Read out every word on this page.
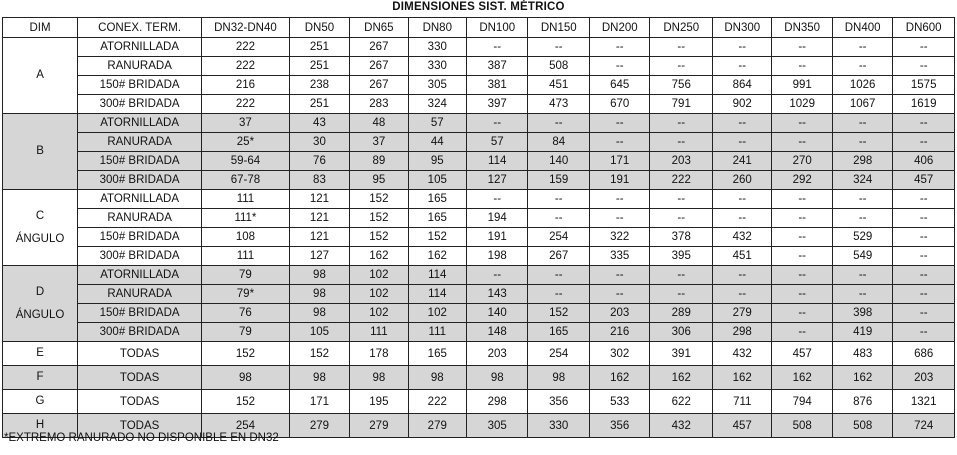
DIMENSIONES SIST. MÉTRICO
DIM	CONEX. TERM.	DN32-DN40	DN50	DN65	DN80	DN100	DN150	DN200	DN250	DN300	DN350	DN400	DN600

A	ATORNILLADA	222	251	267	330	--	--	--	--	--	--	--	--
	RANURADA	222	251	267	330	387	508	--	--	--	--	--	--
	150# BRIDADA	216	238	267	305	381	451	645	756	864	991	1026	1575
	300# BRIDADA	222	251	283	324	397	473	670	791	902	1029	1067	1619

B	ATORNILLADA	37	43	48	57	--	--	--	--	--	--	--	--
	RANURADA	25*	30	37	44	57	84	--	--	--	--	--	--
	150# BRIDADA	59-64	76	89	95	114	140	171	203	241	270	298	406
	300# BRIDADA	67-78	83	95	105	127	159	191	222	260	292	324	457

C
ÁNGULO	ATORNILLADA	111	121	152	165	--	--	--	--	--	--	--	--
	RANURADA	111*	121	152	165	194	--	--	--	--	--	--	--
	150# BRIDADA	108	121	152	152	191	254	322	378	432	--	529	--
	300# BRIDADA	111	127	162	162	198	267	335	395	451	--	549	--

D
ÁNGULO	ATORNILLADA	79	98	102	114	--	--	--	--	--	--	--	--
	RANURADA	79*	98	102	114	143	--	--	--	--	--	--	--
	150# BRIDADA	76	98	102	102	140	152	203	289	279	--	398	--
	300# BRIDADA	79	105	111	111	148	165	216	306	298	--	419	--

E	TODAS	152	152	178	165	203	254	302	391	432	457	483	686

F	TODAS	98	98	98	98	98	98	162	162	162	162	162	203

G	TODAS	152	171	195	222	298	356	533	622	711	794	876	1321

H	TODAS	254	279	279	279	305	330	356	432	457	508	508	724
*EXTREMO RANURADO NO DISPONIBLE EN DN32
